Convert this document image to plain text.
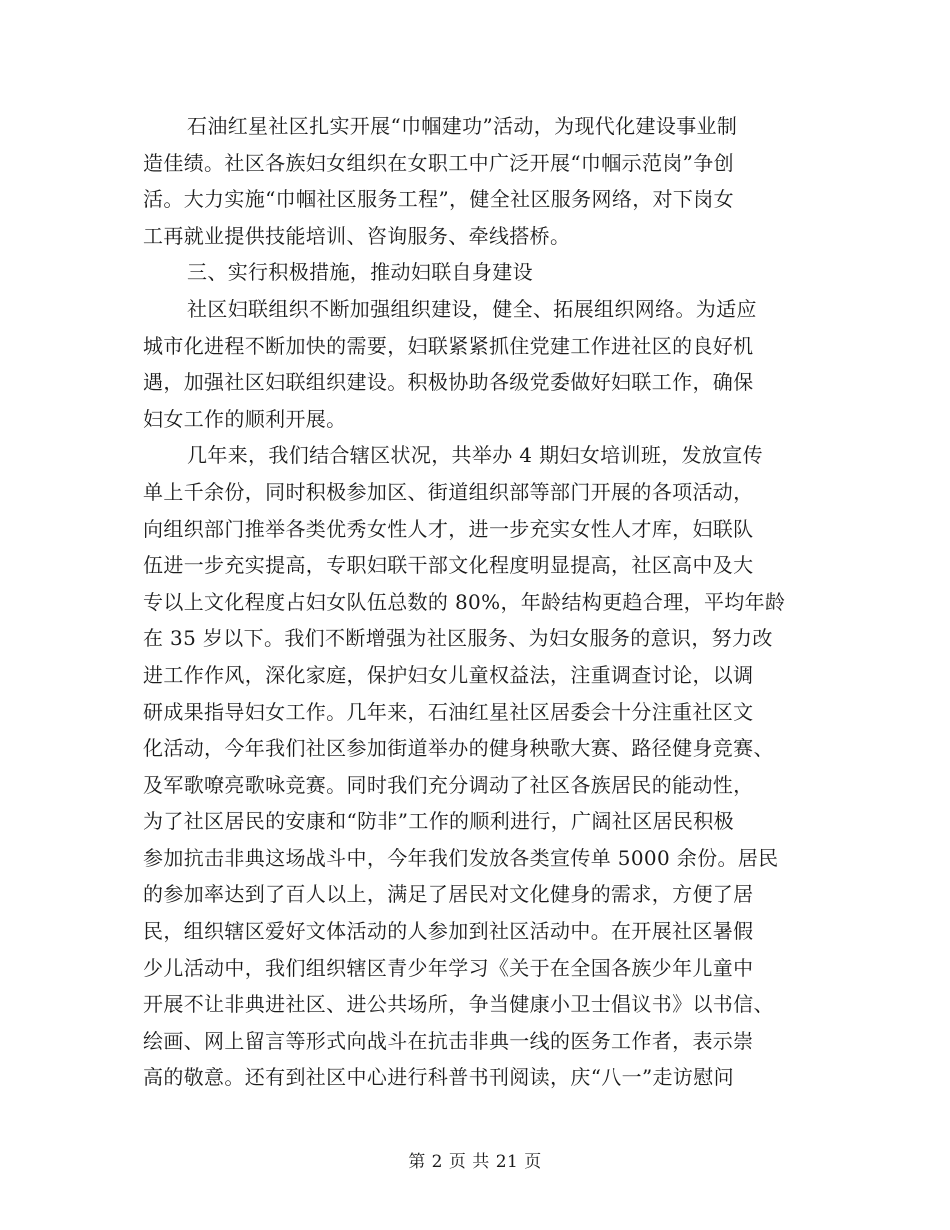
石油红星社区扎实开展“巾帼建功”活动，为现代化建设事业制
造佳绩。社区各族妇女组织在女职工中广泛开展“巾帼示范岗”争创
活。大力实施“巾帼社区服务工程”，健全社区服务网络，对下岗女
工再就业提供技能培训、咨询服务、牵线搭桥。
三、实行积极措施，推动妇联自身建设
社区妇联组织不断加强组织建设，健全、拓展组织网络。为适应
城市化进程不断加快的需要，妇联紧紧抓住党建工作进社区的良好机
遇，加强社区妇联组织建设。积极协助各级党委做好妇联工作，确保
妇女工作的顺利开展。
几年来，我们结合辖区状况，共举办 4 期妇女培训班，发放宣传
单上千余份，同时积极参加区、街道组织部等部门开展的各项活动，
向组织部门推举各类优秀女性人才，进一步充实女性人才库，妇联队
伍进一步充实提高，专职妇联干部文化程度明显提高，社区高中及大
专以上文化程度占妇女队伍总数的 80%，年龄结构更趋合理，平均年龄
在 35 岁以下。我们不断增强为社区服务、为妇女服务的意识，努力改
进工作作风，深化家庭，保护妇女儿童权益法，注重调查讨论，以调
研成果指导妇女工作。几年来，石油红星社区居委会十分注重社区文
化活动，今年我们社区参加街道举办的健身秧歌大赛、路径健身竞赛、
及军歌嘹亮歌咏竞赛。同时我们充分调动了社区各族居民的能动性，
为了社区居民的安康和“防非”工作的顺利进行，广阔社区居民积极
参加抗击非典这场战斗中，今年我们发放各类宣传单 5000 余份。居民
的参加率达到了百人以上，满足了居民对文化健身的需求，方便了居
民，组织辖区爱好文体活动的人参加到社区活动中。在开展社区暑假
少儿活动中，我们组织辖区青少年学习《关于在全国各族少年儿童中
开展不让非典进社区、进公共场所，争当健康小卫士倡议书》以书信、
绘画、网上留言等形式向战斗在抗击非典一线的医务工作者，表示崇
高的敬意。还有到社区中心进行科普书刊阅读，庆“八一”走访慰问
第 2 页 共 21 页
